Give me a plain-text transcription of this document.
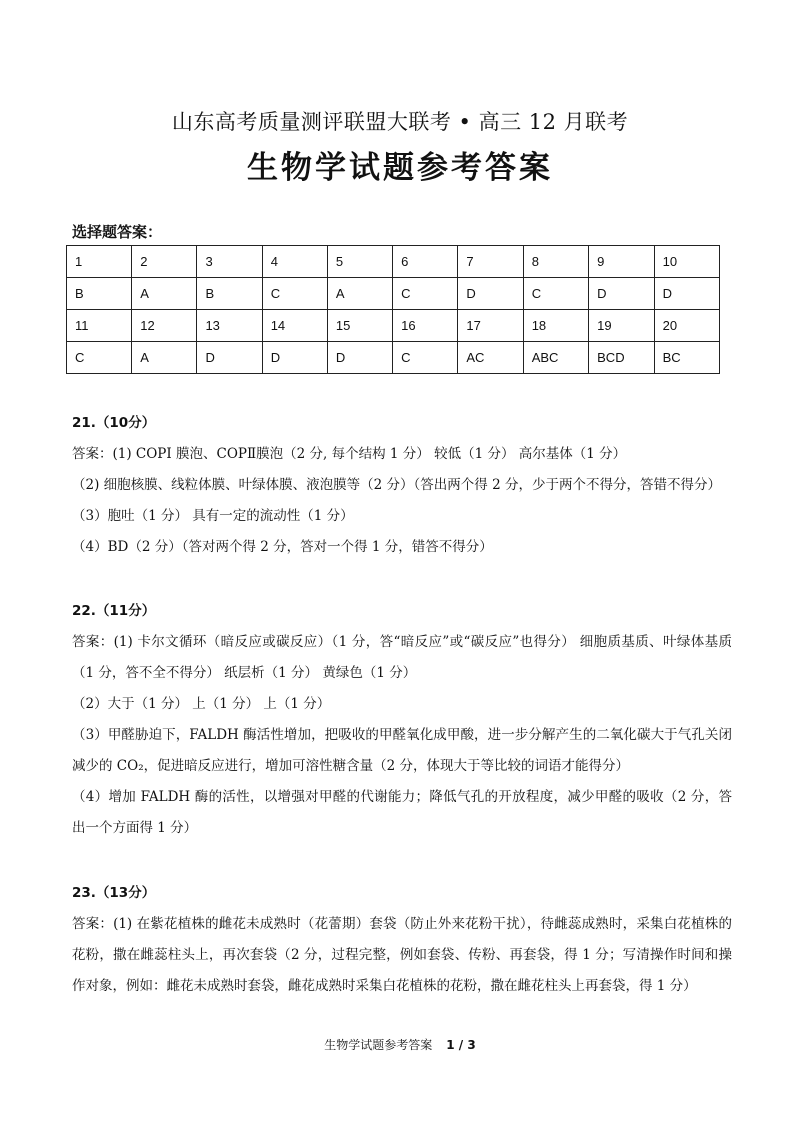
山东高考质量测评联盟大联考 • 高三 12 月联考
生物学试题参考答案
选择题答案：
1	2	3	4	5	6	7	8	9	10
B	A	B	C	A	C	D	C	D	D
11	12	13	14	15	16	17	18	19	20
C	A	D	D	D	C	AC	ABC	BCD	BC
21.（10分）
答案：(1) COPI 膜泡、COPⅡ膜泡（2 分, 每个结构 1 分） 较低（1 分） 高尔基体（1 分）
（2) 细胞核膜、线粒体膜、叶绿体膜、液泡膜等（2 分）（答出两个得 2 分，少于两个不得分，答错不得分）
（3）胞吐（1 分） 具有一定的流动性（1 分）
（4）BD（2 分）（答对两个得 2 分，答对一个得 1 分，错答不得分）
22.（11分）
答案：(1) 卡尔文循环（暗反应或碳反应）（1 分，答“暗反应”或“碳反应”也得分） 细胞质基质、叶绿体基质（1 分，答不全不得分） 纸层析（1 分） 黄绿色（1 分）
（2）大于（1 分） 上（1 分） 上（1 分）
（3）甲醛胁迫下，FALDH 酶活性增加，把吸收的甲醛氧化成甲酸，进一步分解产生的二氧化碳大于气孔关闭减少的 CO₂，促进暗反应进行，增加可溶性糖含量（2 分，体现大于等比较的词语才能得分）
（4）增加 FALDH 酶的活性，以增强对甲醛的代谢能力；降低气孔的开放程度，减少甲醛的吸收（2 分，答出一个方面得 1 分）
23.（13分）
答案：(1) 在紫花植株的雌花未成熟时（花蕾期）套袋（防止外来花粉干扰），待雌蕊成熟时，采集白花植株的花粉，撒在雌蕊柱头上，再次套袋（2 分，过程完整，例如套袋、传粉、再套袋，得 1 分；写清操作时间和操作对象，例如：雌花未成熟时套袋，雌花成熟时采集白花植株的花粉，撒在雌花柱头上再套袋，得 1 分）
生物学试题参考答案 1 / 3
